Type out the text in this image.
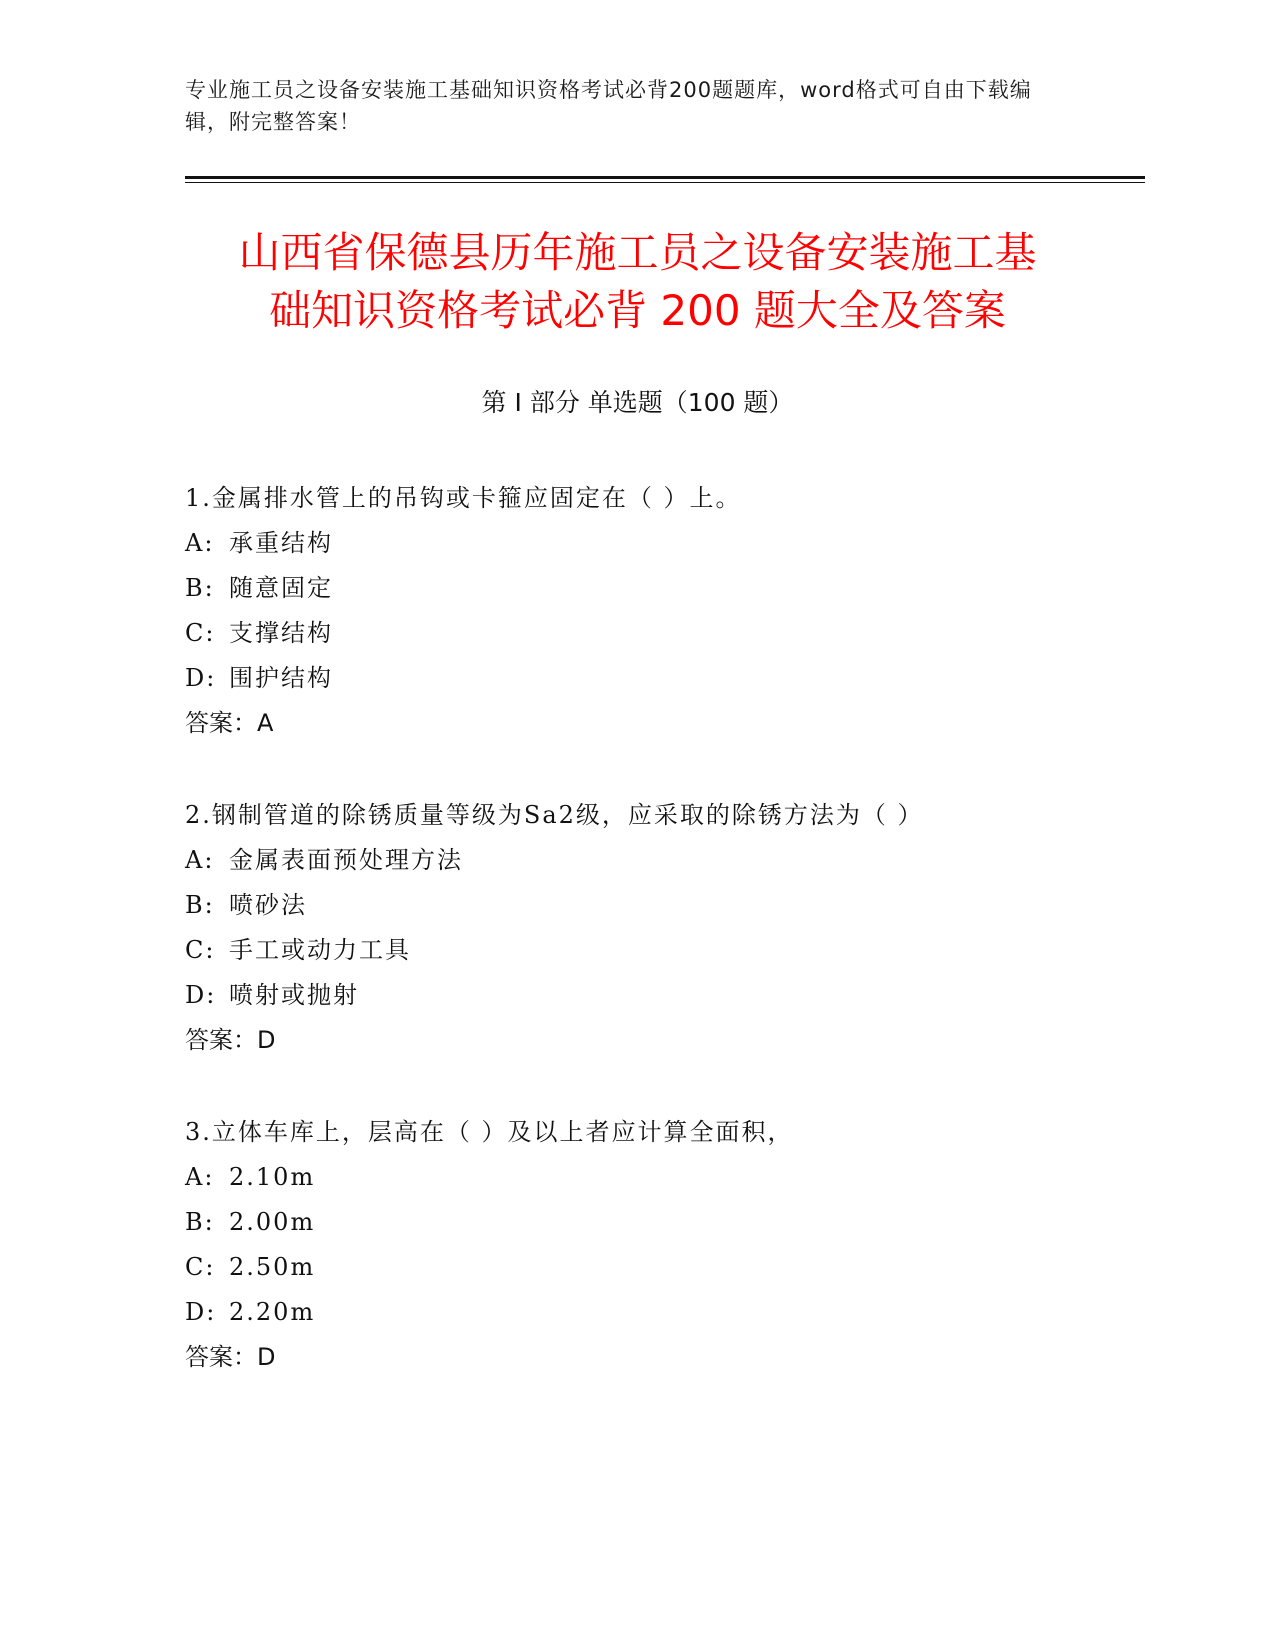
专业施工员之设备安装施工基础知识资格考试必背200题题库，word格式可自由下载编辑，附完整答案！
山西省保德县历年施工员之设备安装施工基
础知识资格考试必背 200 题大全及答案
第 I 部分 单选题（100 题）
1.金属排水管上的吊钩或卡箍应固定在（ ）上。
A: 承重结构
B: 随意固定
C: 支撑结构
D: 围护结构
答案：A
2.钢制管道的除锈质量等级为Sa2级，应采取的除锈方法为（ ）
A: 金属表面预处理方法
B: 喷砂法
C: 手工或动力工具
D: 喷射或抛射
答案：D
3.立体车库上，层高在（ ）及以上者应计算全面积，
A: 2.10m
B: 2.00m
C: 2.50m
D: 2.20m
答案：D
